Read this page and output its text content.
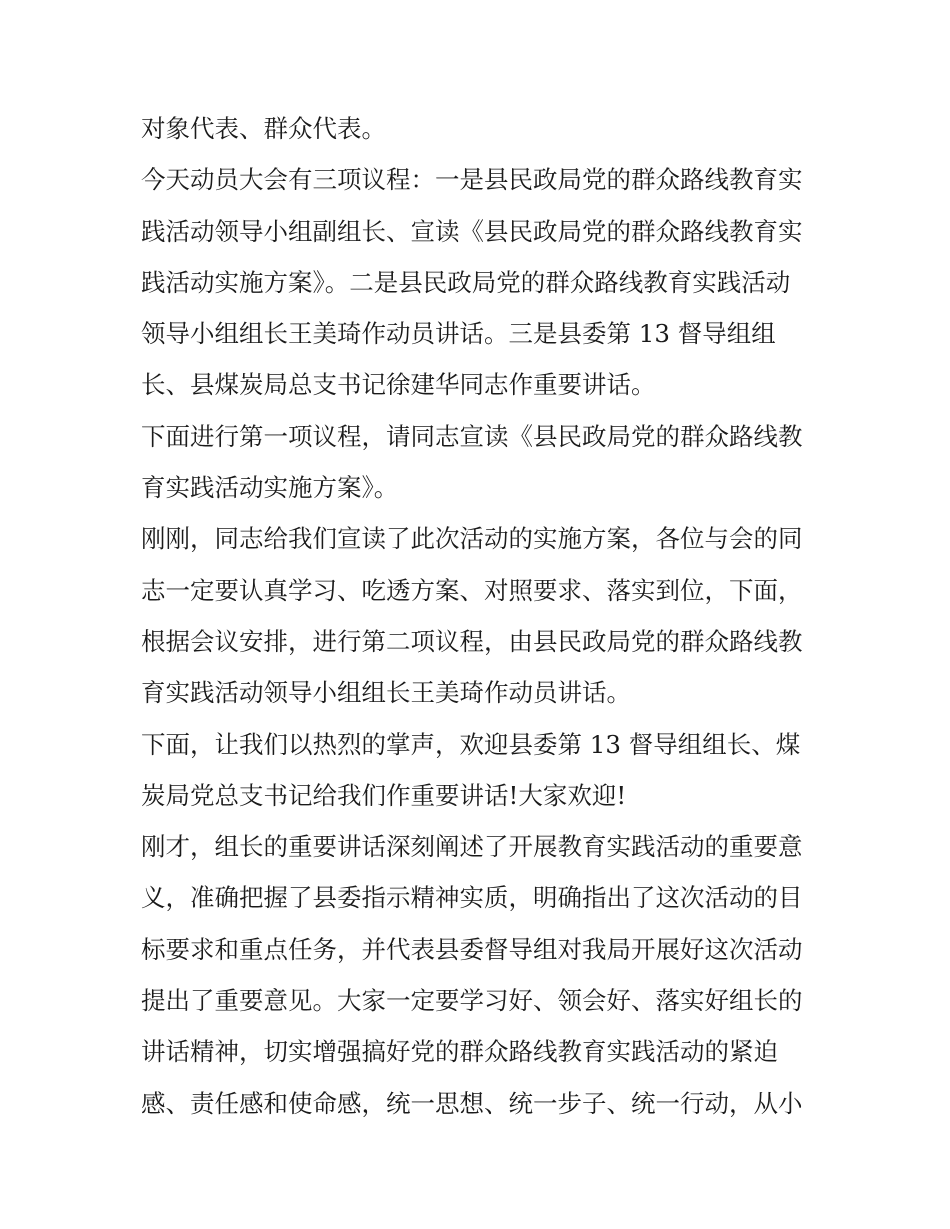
对象代表、群众代表。
今天动员大会有三项议程：一是县民政局党的群众路线教育实
践活动领导小组副组长、宣读《县民政局党的群众路线教育实
践活动实施方案》。二是县民政局党的群众路线教育实践活动
领导小组组长王美琦作动员讲话。三是县委第 13 督导组组
长、县煤炭局总支书记徐建华同志作重要讲话。
下面进行第一项议程，请同志宣读《县民政局党的群众路线教
育实践活动实施方案》。
刚刚，同志给我们宣读了此次活动的实施方案，各位与会的同
志一定要认真学习、吃透方案、对照要求、落实到位，下面，
根据会议安排，进行第二项议程，由县民政局党的群众路线教
育实践活动领导小组组长王美琦作动员讲话。
下面，让我们以热烈的掌声，欢迎县委第 13 督导组组长、煤
炭局党总支书记给我们作重要讲话!大家欢迎!
刚才，组长的重要讲话深刻阐述了开展教育实践活动的重要意
义，准确把握了县委指示精神实质，明确指出了这次活动的目
标要求和重点任务，并代表县委督导组对我局开展好这次活动
提出了重要意见。大家一定要学习好、领会好、落实好组长的
讲话精神，切实增强搞好党的群众路线教育实践活动的紧迫
感、责任感和使命感，统一思想、统一步子、统一行动，从小
